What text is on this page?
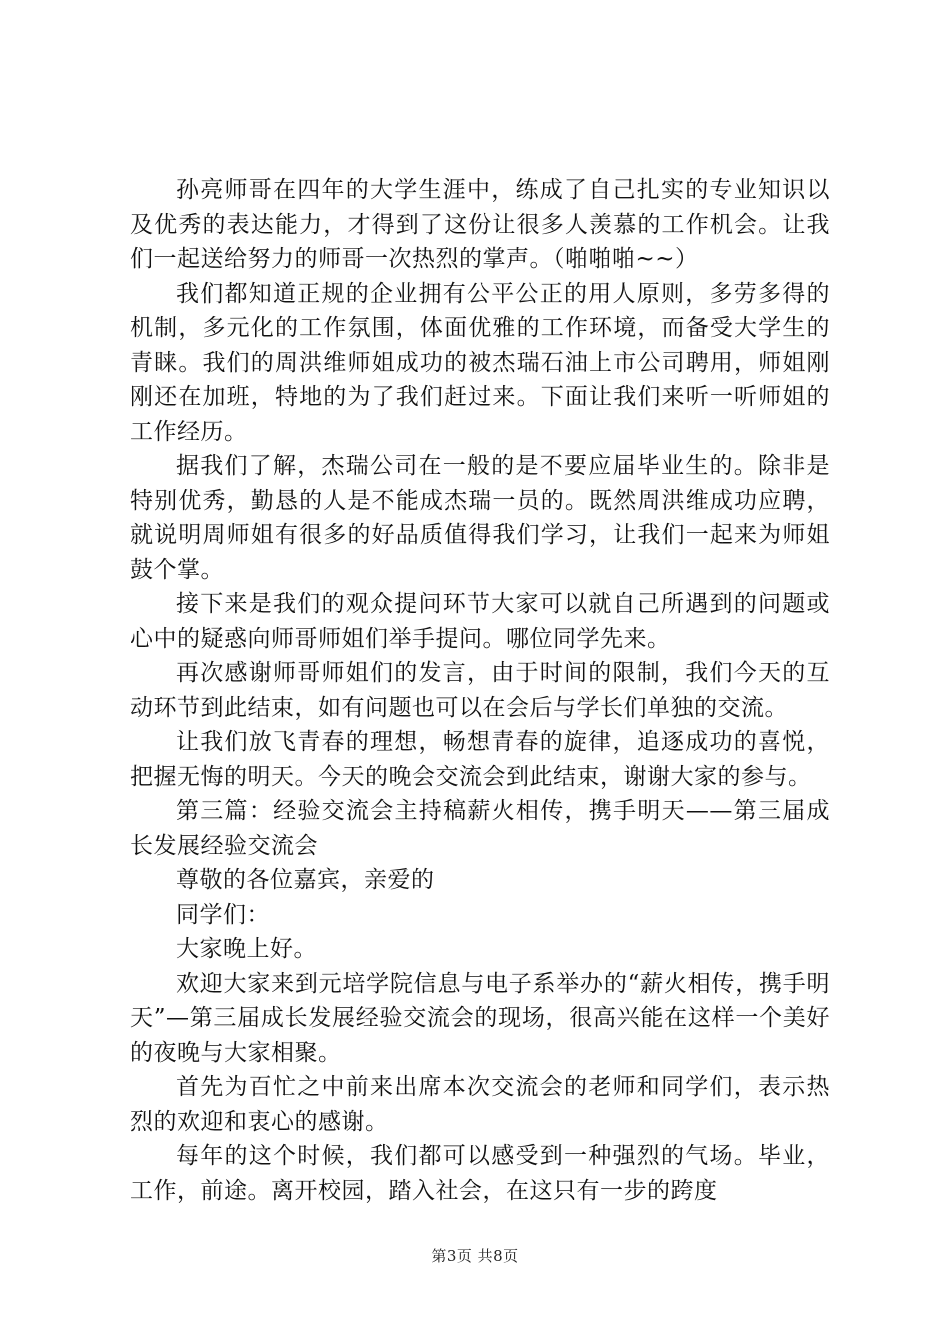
孙亮师哥在四年的大学生涯中，练成了自己扎实的专业知识以及优秀的表达能力，才得到了这份让很多人羡慕的工作机会。让我们一起送给努力的师哥一次热烈的掌声。（啪啪啪~~）

我们都知道正规的企业拥有公平公正的用人原则，多劳多得的机制，多元化的工作氛围，体面优雅的工作环境，而备受大学生的青睐。我们的周洪维师姐成功的被杰瑞石油上市公司聘用，师姐刚刚还在加班，特地的为了我们赶过来。下面让我们来听一听师姐的工作经历。

据我们了解，杰瑞公司在一般的是不要应届毕业生的。除非是特别优秀，勤恳的人是不能成杰瑞一员的。既然周洪维成功应聘，就说明周师姐有很多的好品质值得我们学习，让我们一起来为师姐鼓个掌。

接下来是我们的观众提问环节大家可以就自己所遇到的问题或心中的疑惑向师哥师姐们举手提问。哪位同学先来。

再次感谢师哥师姐们的发言，由于时间的限制，我们今天的互动环节到此结束，如有问题也可以在会后与学长们单独的交流。

让我们放飞青春的理想，畅想青春的旋律，追逐成功的喜悦，把握无悔的明天。今天的晚会交流会到此结束，谢谢大家的参与。

第三篇：经验交流会主持稿薪火相传，携手明天——第三届成长发展经验交流会

尊敬的各位嘉宾，亲爱的

同学们：

大家晚上好。

欢迎大家来到元培学院信息与电子系举办的“薪火相传，携手明天”—第三届成长发展经验交流会的现场，很高兴能在这样一个美好的夜晚与大家相聚。

首先为百忙之中前来出席本次交流会的老师和同学们，表示热烈的欢迎和衷心的感谢。

每年的这个时候，我们都可以感受到一种强烈的气场。毕业，工作，前途。离开校园，踏入社会，在这只有一步的跨度

第3页 共8页
